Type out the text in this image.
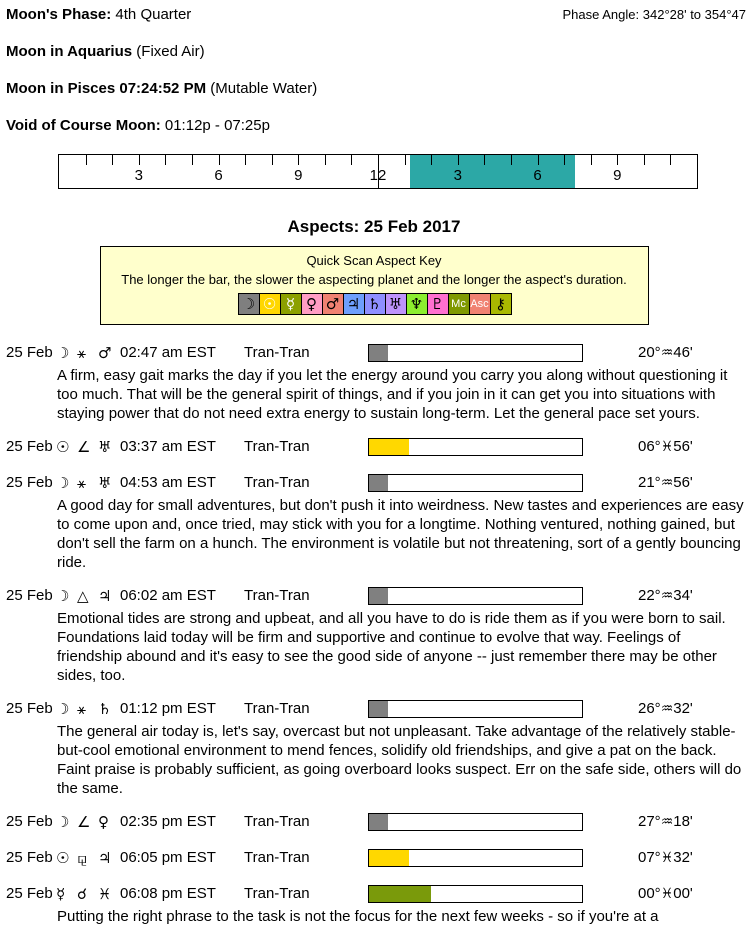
Moon's Phase: 4th Quarter	Phase Angle: 342°28' to 354°47
Moon in Aquarius (Fixed Air)
Moon in Pisces 07:24:52 PM (Mutable Water)
Void of Course Moon: 01:12p - 07:25p
3	6	9	12	3	6	9
Aspects: 25 Feb 2017
Quick Scan Aspect Key
The longer the bar, the slower the aspecting planet and the longer the aspect's duration.
☽ ☉ ☿ ♀ ♂ ♃ ♄ ♅ ♆ ♇ Mc Asc ⚷
25 Feb ☽ ⚹ ♂ 02:47 am EST Tran-Tran	20°♒46'

A firm, easy gait marks the day if you let the energy around you carry you along without questioning it too much. That will be the general spirit of things, and if you join in it can get you into situations with staying power that do not need extra energy to sustain long-term. Let the general pace set yours.

25 Feb ☉ ∠ ♅ 03:37 am EST Tran-Tran	06°♓56'
25 Feb ☽ ⚹ ♅ 04:53 am EST Tran-Tran	21°♒56'

A good day for small adventures, but don't push it into weirdness. New tastes and experiences are easy to come upon and, once tried, may stick with you for a longtime. Nothing ventured, nothing gained, but don't sell the farm on a hunch. The environment is volatile but not threatening, sort of a gently bouncing ride.

25 Feb ☽ △ ♃ 06:02 am EST Tran-Tran	22°♒34'

Emotional tides are strong and upbeat, and all you have to do is ride them as if you were born to sail. Foundations laid today will be firm and supportive and continue to evolve that way. Feelings of friendship abound and it's easy to see the good side of anyone -- just remember there may be other sides, too.

25 Feb ☽ ⚹ ♄ 01:12 pm EST Tran-Tran	26°♒32'

The general air today is, let's say, overcast but not unpleasant. Take advantage of the relatively stable-but-cool emotional environment to mend fences, solidify old friendships, and give a pat on the back. Faint praise is probably sufficient, as going overboard looks suspect. Err on the safe side, others will do the same.

25 Feb ☽ ∠ ♀ 02:35 pm EST Tran-Tran	27°♒18'
25 Feb ☉ ⚼ ♃ 06:05 pm EST Tran-Tran	07°♓32'
25 Feb ☿ ☌ ♓ 06:08 pm EST Tran-Tran	00°♓00'

Putting the right phrase to the task is not the focus for the next few weeks - so if you're at a
